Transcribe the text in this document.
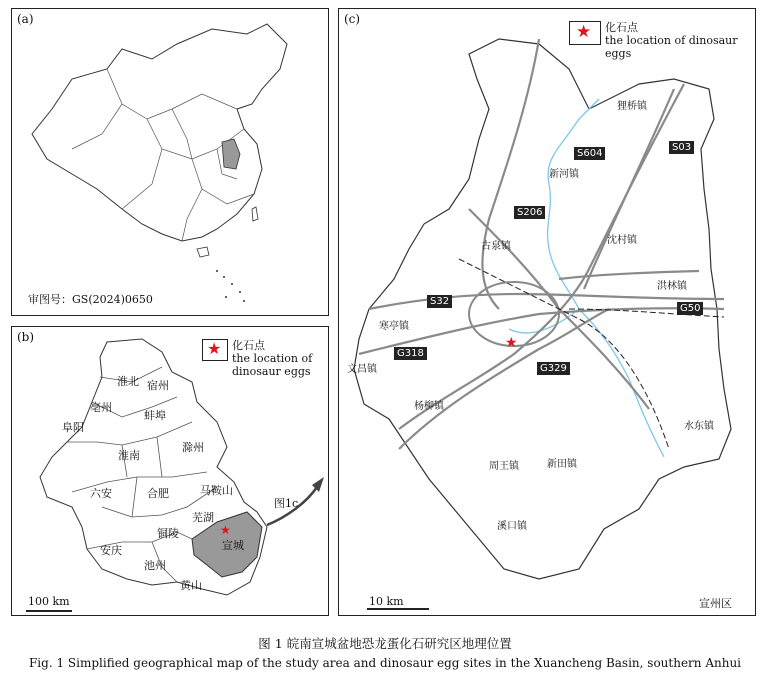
(a)
审图号：GS(2024)0650
(b)
★ 化石点
the location of
dinosaur eggs
淮北 宿州
亳州
阜阳
蚌埠
淮南
滁州
六安	合肥	马鞍山
芜湖
铜陵
安庆
池州
宣城
黄山
★
图1c
100 km
(c)
★ 化石点
the location of dinosaur eggs
S604
S03
S206
S32
G50
G318
G329
狸桥镇
新河镇
沈村镇
古泉镇
洪林镇
寒亭镇
文昌镇
杨柳镇
水东镇
周王镇	新田镇
溪口镇
★
10 km	宣州区
图 1 皖南宣城盆地恐龙蛋化石研究区地理位置
Fig. 1 Simplified geographical map of the study area and dinosaur egg sites in the Xuancheng Basin, southern Anhui
